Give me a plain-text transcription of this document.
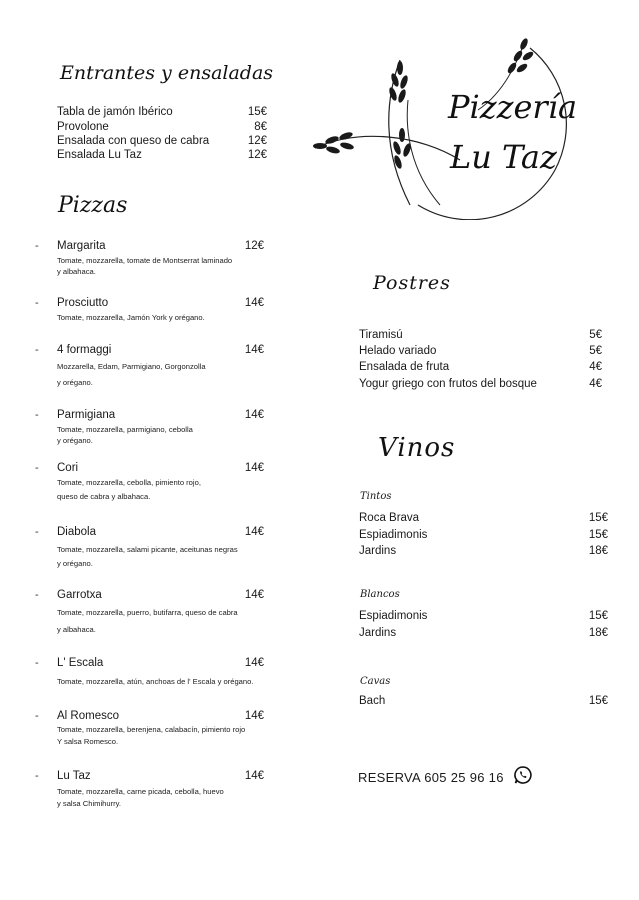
Pizzería
Lu Taz
Entrantes y ensaladas
Tabla de jamón Ibérico	15€
Provolone	8€
Ensalada con queso de cabra	12€
Ensalada Lu Taz	12€
Pizzas
- Margarita	12€
Tomate, mozzarella, tomate de Montserrat laminado
y albahaca.
- Prosciutto	14€
Tomate, mozzarella, Jamón York y orégano.
- 4 formaggi	14€
Mozzarella, Edam, Parmigiano, Gorgonzolla
y orégano.
- Parmigiana	14€
Tomate, mozzarella, parmigiano, cebolla
y orégano.
- Cori	14€
Tomate, mozzarella, cebolla, pimiento rojo,
queso de cabra y albahaca.
- Diabola	14€
Tomate, mozzarella, salami picante, aceitunas negras
y orégano.
- Garrotxa	14€
Tomate, mozzarella, puerro, butifarra, queso de cabra
y albahaca.
- L' Escala	14€
Tomate, mozzarella, atún, anchoas de l' Escala y orégano.
- Al Romesco	14€
Tomate, mozzarella, berenjena, calabacín, pimiento rojo
Y salsa Romesco.
- Lu Taz	14€
Tomate, mozzarella, carne picada, cebolla, huevo
y salsa Chimihurry.
Postres
Tiramisú	5€
Helado variado	5€
Ensalada de fruta	4€
Yogur griego con frutos del bosque	4€
Vinos
Tintos
Roca Brava	15€
Espiadimonis	15€
Jardins	18€
Blancos
Espiadimonis	15€
Jardins	18€
Cavas
Bach	15€
RESERVA 605 25 96 16
